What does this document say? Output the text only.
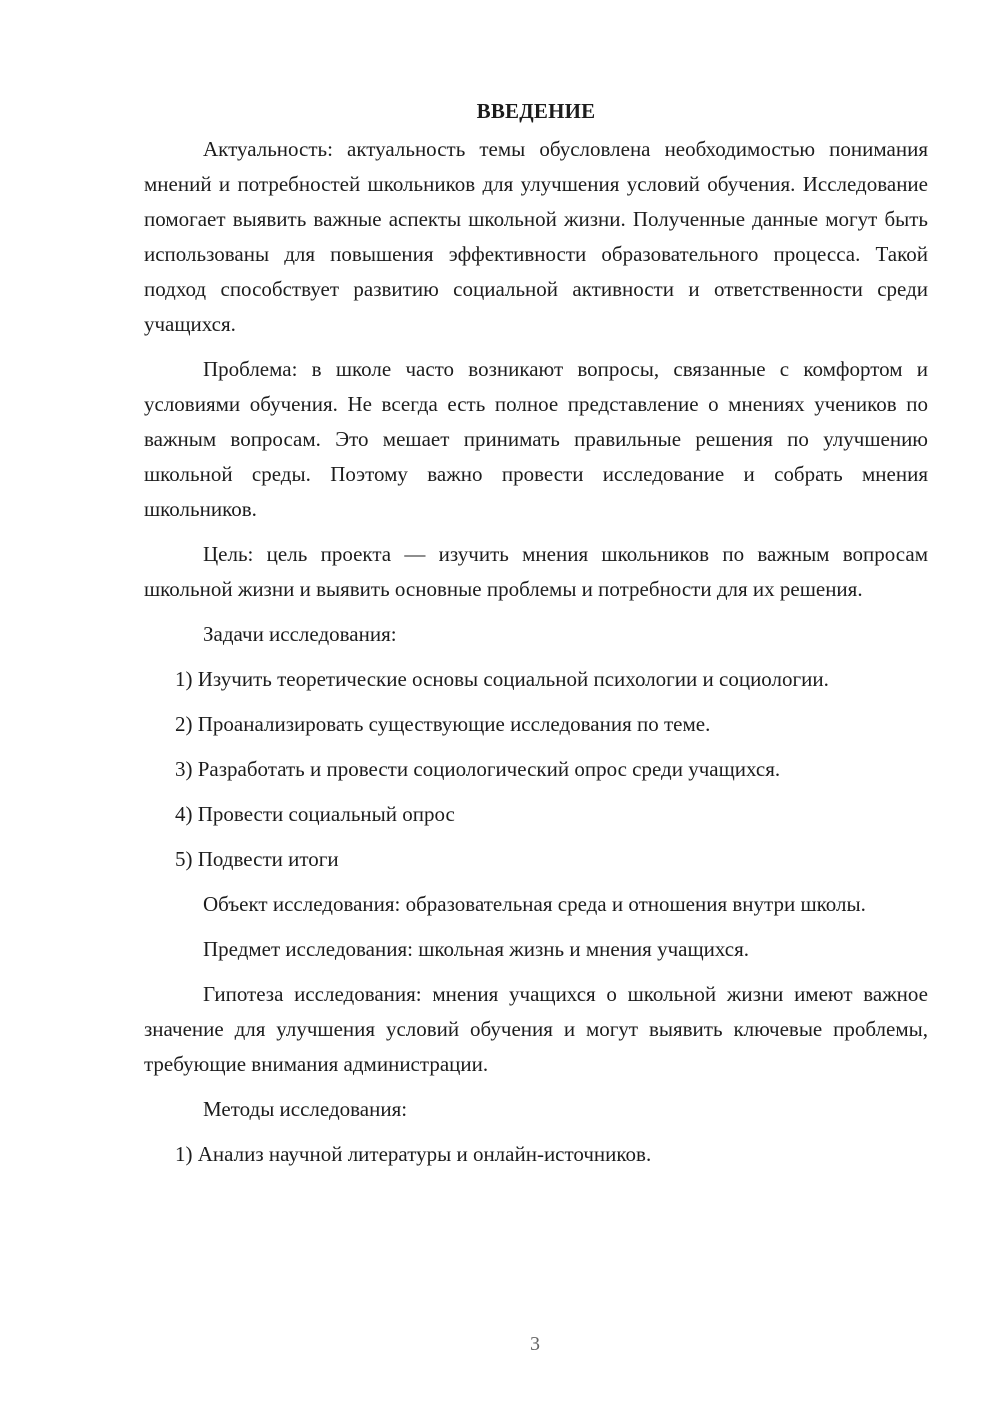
ВВЕДЕНИЕ

Актуальность: актуальность темы обусловлена необходимостью понимания мнений и потребностей школьников для улучшения условий обучения. Исследование помогает выявить важные аспекты школьной жизни. Полученные данные могут быть использованы для повышения эффективности образовательного процесса. Такой подход способствует развитию социальной активности и ответственности среди учащихся.

Проблема: в школе часто возникают вопросы, связанные с комфортом и условиями обучения. Не всегда есть полное представление о мнениях учеников по важным вопросам. Это мешает принимать правильные решения по улучшению школьной среды. Поэтому важно провести исследование и собрать мнения школьников.

Цель: цель проекта — изучить мнения школьников по важным вопросам школьной жизни и выявить основные проблемы и потребности для их решения.

Задачи исследования:

1) Изучить теоретические основы социальной психологии и социологии.

2) Проанализировать существующие исследования по теме.

3) Разработать и провести социологический опрос среди учащихся.

4) Провести социальный опрос

5) Подвести итоги

Объект исследования: образовательная среда и отношения внутри школы.

Предмет исследования: школьная жизнь и мнения учащихся.

Гипотеза исследования: мнения учащихся о школьной жизни имеют важное значение для улучшения условий обучения и могут выявить ключевые проблемы, требующие внимания администрации.

Методы исследования:

1) Анализ научной литературы и онлайн-источников.

3
